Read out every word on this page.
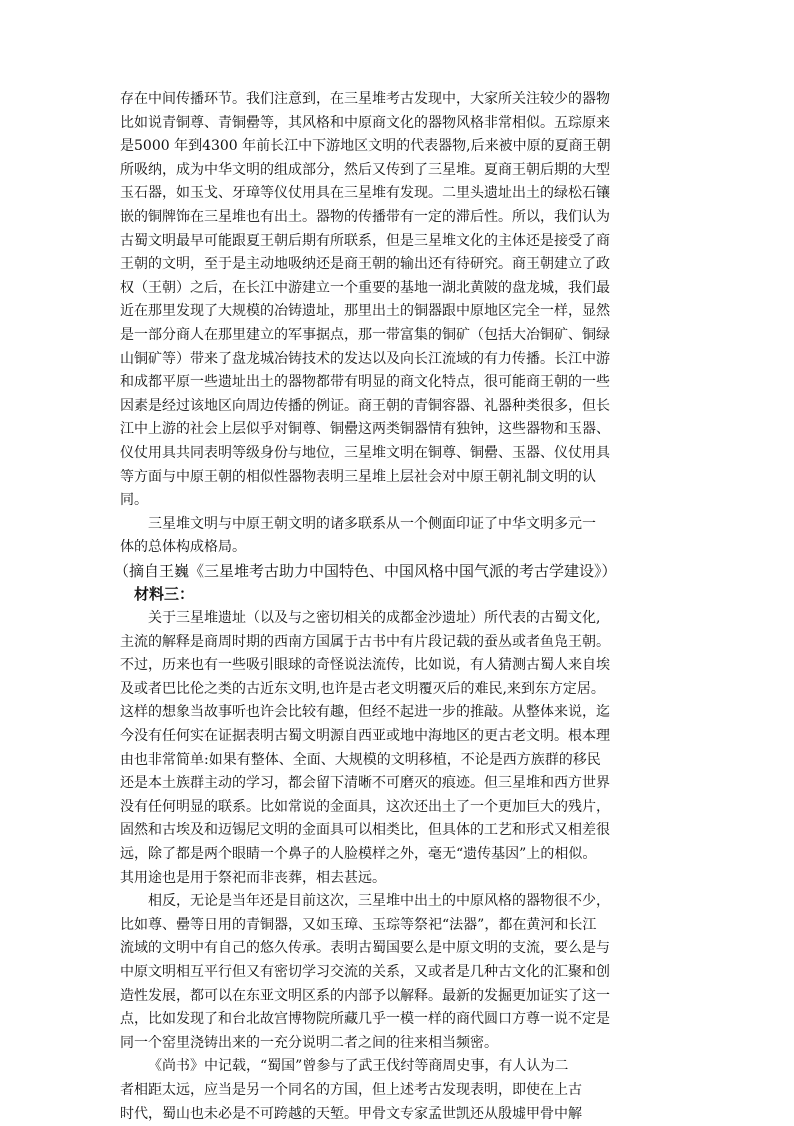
存在中间传播环节。我们注意到，在三星堆考古发现中，大家所关注较少的器物
比如说青铜尊、青铜罍等，其风格和中原商文化的器物风格非常相似。五琮原来
是5000 年到4300 年前长江中下游地区文明的代表器物,后来被中原的夏商王朝
所吸纳，成为中华文明的组成部分，然后又传到了三星堆。夏商王朝后期的大型
玉石器，如玉戈、牙璋等仪仗用具在三星堆有发现。二里头遗址出土的绿松石镶
嵌的铜牌饰在三星堆也有出土。器物的传播带有一定的滞后性。所以，我们认为
古蜀文明最早可能跟夏王朝后期有所联系，但是三星堆文化的主体还是接受了商
王朝的文明，至于是主动地吸纳还是商王朝的输出还有待研究。商王朝建立了政
权（王朝）之后，在长江中游建立一个重要的基地一湖北黄陂的盘龙城，我们最
近在那里发现了大规模的冶铸遗址，那里出土的铜器跟中原地区完全一样，显然
是一部分商人在那里建立的军事据点，那一带富集的铜矿（包括大冶铜矿、铜绿
山铜矿等）带来了盘龙城冶铸技术的发达以及向长江流域的有力传播。长江中游
和成都平原一些遗址出土的器物都带有明显的商文化特点，很可能商王朝的一些
因素是经过该地区向周边传播的例证。商王朝的青铜容器、礼器种类很多，但长
江中上游的社会上层似乎对铜尊、铜罍这两类铜器情有独钟，这些器物和玉器、
仪仗用具共同表明等级身份与地位，三星堆文明在铜尊、铜罍、玉器、仪仗用具
等方面与中原王朝的相似性器物表明三星堆上层社会对中原王朝礼制文明的认
同。
三星堆文明与中原王朝文明的诸多联系从一个侧面印证了中华文明多元一
体的总体构成格局。
（摘自王巍《三星堆考古助力中国特色、中国风格中国气派的考古学建设》）
材料三：
关于三星堆遗址（以及与之密切相关的成都金沙遗址）所代表的古蜀文化,
主流的解释是商周时期的西南方国属于古书中有片段记载的蚕丛或者鱼凫王朝。
不过，历来也有一些吸引眼球的奇怪说法流传，比如说，有人猜测古蜀人来自埃
及或者巴比伦之类的古近东文明,也许是古老文明覆灭后的难民,来到东方定居。
这样的想象当故事听也许会比较有趣，但经不起进一步的推敲。从整体来说，迄
今没有任何实在证据表明古蜀文明源自西亚或地中海地区的更古老文明。根本理
由也非常简单:如果有整体、全面、大规模的文明移植，不论是西方族群的移民
还是本土族群主动的学习，都会留下清晰不可磨灭的痕迹。但三星堆和西方世界
没有任何明显的联系。比如常说的金面具，这次还出土了一个更加巨大的残片，
固然和古埃及和迈锡尼文明的金面具可以相类比，但具体的工艺和形式又相差很
远，除了都是两个眼睛一个鼻子的人脸模样之外，毫无“遗传基因”上的相似。
其用途也是用于祭祀而非丧葬，相去甚远。
相反，无论是当年还是目前这次，三星堆中出土的中原风格的器物很不少，
比如尊、罍等日用的青铜器，又如玉璋、玉琮等祭祀“法器”，都在黄河和长江
流域的文明中有自己的悠久传承。表明古蜀国要么是中原文明的支流，要么是与
中原文明相互平行但又有密切学习交流的关系，又或者是几种古文化的汇聚和创
造性发展，都可以在东亚文明区系的内部予以解释。最新的发掘更加证实了这一
点，比如发现了和台北故宫博物院所藏几乎一模一样的商代圆口方尊一说不定是
同一个窑里浇铸出来的一充分说明二者之间的往来相当频密。
《尚书》中记载，“蜀国”曾参与了武王伐纣等商周史事，有人认为二
者相距太远，应当是另一个同名的方国，但上述考古发现表明，即使在上古
时代，蜀山也未必是不可跨越的天堑。甲骨文专家孟世凯还从殷墟甲骨中解
